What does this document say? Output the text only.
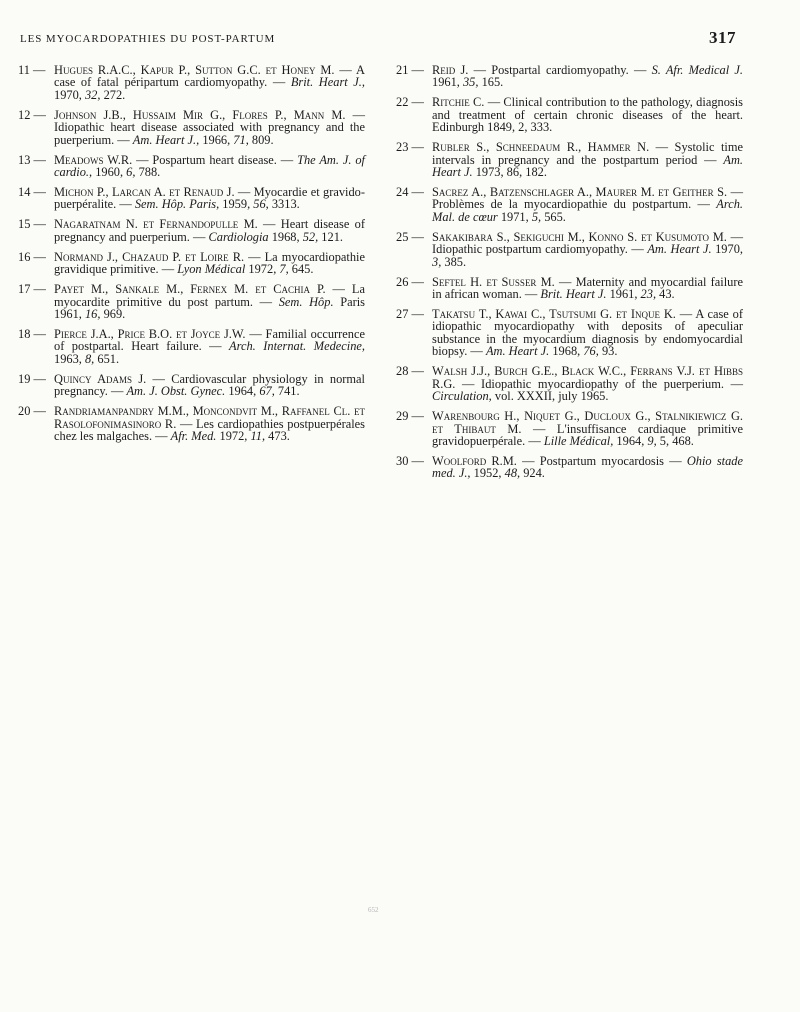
LES MYOCARDOPATHIES DU POST-PARTUM	317
11 — Hugues R.A.C., Kapur P., Sutton G.C. et Honey M. — A case of fatal péripartum cardiomyopathy. — Brit. Heart J., 1970, 32, 272.
12 — Johnson J.B., Hussaim Mir G., Flores P., Mann M. — Idiopathic heart disease associated with pregnancy and the puerperium. — Am. Heart J., 1966, 71, 809.
13 — Meadows W.R. — Pospartum heart disease. — The Am. J. of cardio., 1960, 6, 788.
14 — Michon P., Larcan A. et Renaud J. — Myocardie et gravido-puerpéralite. — Sem. Hôp. Paris, 1959, 56, 3313.
15 — Nagaratnam N. et Fernandopulle M. — Heart disease of pregnancy and puerperium. — Cardiologia 1968, 52, 121.
16 — Normand J., Chazaud P. et Loire R. — La myocardiopathie gravidique primitive. — Lyon Médical 1972, 7, 645.
17 — Payet M., Sankale M., Fernex M. et Cachia P. — La myocardite primitive du post partum. — Sem. Hôp. Paris 1961, 16, 969.
18 — Pierce J.A., Price B.O. et Joyce J.W. — Familial occurrence of postpartal. Heart failure. — Arch. Internat. Medecine, 1963, 8, 651.
19 — Quincy Adams J. — Cardiovascular physiology in normal pregnancy. — Am. J. Obst. Gynec. 1964, 67, 741.
20 — Randriamanpandry M.M., Moncondvit M., Raffanel Cl. et Rasolofonimasinoro R. — Les cardiopathies postpuerpérales chez les malgaches. — Afr. Med. 1972, 11, 473.
21 — Reid J. — Postpartal cardiomyopathy. — S. Afr. Medical J. 1961, 35, 165.
22 — Ritchie C. — Clinical contribution to the pathology, diagnosis and treatment of certain chronic diseases of the heart. Edinburgh 1849, 2, 333.
23 — Rubler S., Schneedaum R., Hammer N. — Systolic time intervals in pregnancy and the postpartum period — Am. Heart J. 1973, 86, 182.
24 — Sacrez A., Batzenschlager A., Maurer M. et Geither S. — Problèmes de la myocardiopathie du postpartum. — Arch. Mal. de cœur 1971, 5, 565.
25 — Sakakibara S., Sekiguchi M., Konno S. et Kusumoto M. — Idiopathic postpartum cardiomyopathy. — Am. Heart J. 1970, 3, 385.
26 — Seftel H. et Susser M. — Maternity and myocardial failure in african woman. — Brit. Heart J. 1961, 23, 43.
27 — Takatsu T., Kawai C., Tsutsumi G. et Inque K. — A case of idiopathic myocardiopathy with deposits of apeculiar substance in the myocardium diagnosis by endomyocardial biopsy. — Am. Heart J. 1968, 76, 93.
28 — Walsh J.J., Burch G.E., Black W.C., Ferrans V.J. et Hibbs R.G. — Idiopathic myocardiopathy of the puerperium. — Circulation, vol. XXXII, july 1965.
29 — Warenbourg H., Niquet G., Ducloux G., Stalnikiewicz G. et Thibaut M. — L'insuffisance cardiaque primitive gravidopuerpérale. — Lille Médical, 1964, 9, 5, 468.
30 — Woolford R.M. — Postpartum myocardosis — Ohio stade med. J., 1952, 48, 924.
652
